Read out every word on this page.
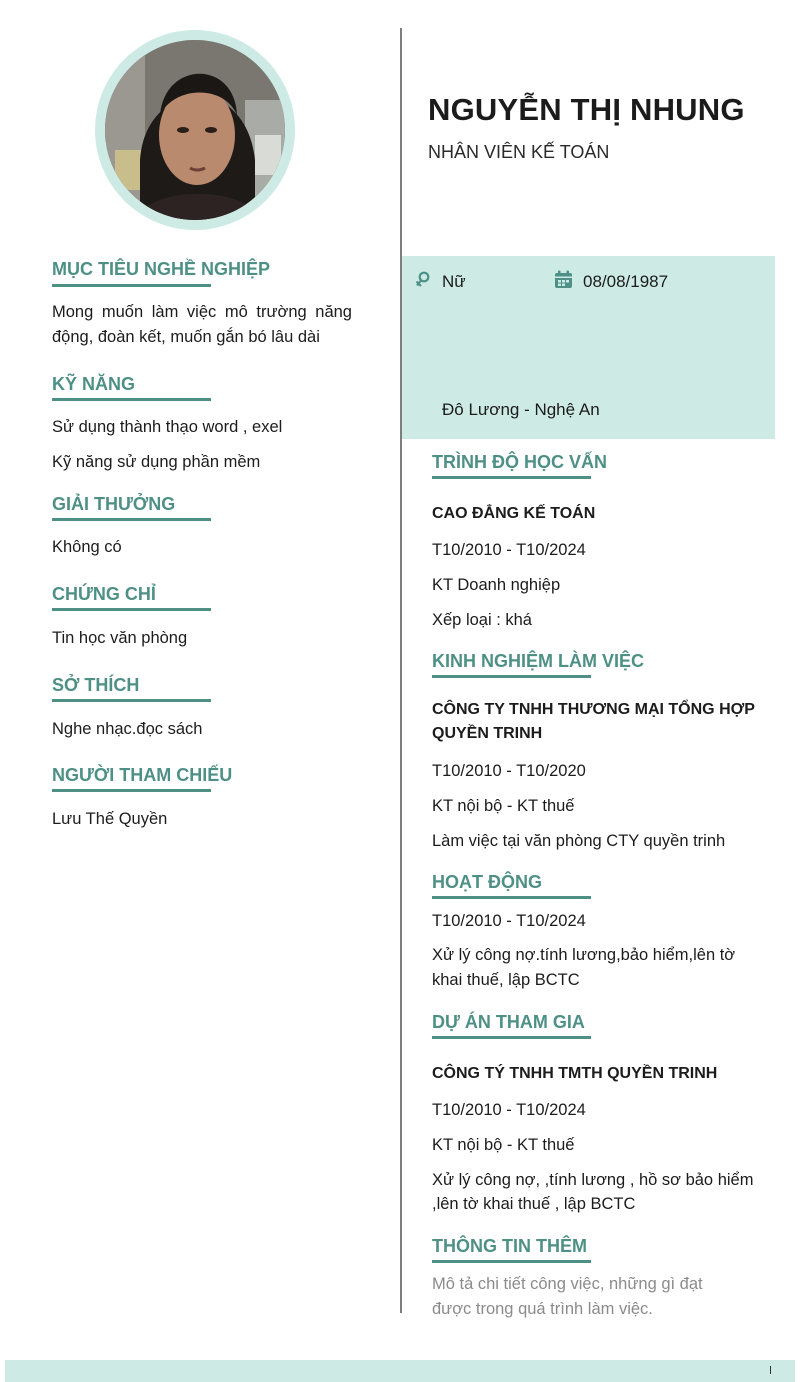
NGUYỄN THỊ NHUNG
NHÂN VIÊN KẾ TOÁN
Nữ	08/08/1987
Đô Lương - Nghệ An
MỤC TIÊU NGHỀ NGHIỆP
Mong muốn làm việc mô trường năng động, đoàn kết, muốn gắn bó lâu dài
KỸ NĂNG
Sử dụng thành thạo word , exel
Kỹ năng sử dụng phần mềm
GIẢI THƯỞNG
Không có
CHỨNG CHỈ
Tin học văn phòng
SỞ THÍCH
Nghe nhạc.đọc sách
NGƯỜI THAM CHIẾU
Lưu Thế Quyền
TRÌNH ĐỘ HỌC VẤN
CAO ĐẲNG KẾ TOÁN
T10/2010 - T10/2024
KT Doanh nghiệp
Xếp loại : khá
KINH NGHIỆM LÀM VIỆC
CÔNG TY TNHH THƯƠNG MẠI TỔNG HỢP QUYỀN TRINH
T10/2010 - T10/2020
KT nội bộ - KT thuế
Làm việc tại văn phòng CTY quyền trinh
HOẠT ĐỘNG
T10/2010 - T10/2024
Xử lý công nợ.tính lương,bảo hiểm,lên tờ khai thuế, lập BCTC
DỰ ÁN THAM GIA
CÔNG TÝ TNHH TMTH QUYỀN TRINH
T10/2010 - T10/2024
KT nội bộ - KT thuế
Xử lý công nợ, ,tính lương , hồ sơ bảo hiểm ,lên tờ khai thuế , lập BCTC
THÔNG TIN THÊM
Mô tả chi tiết công việc, những gì đạt được trong quá trình làm việc.
